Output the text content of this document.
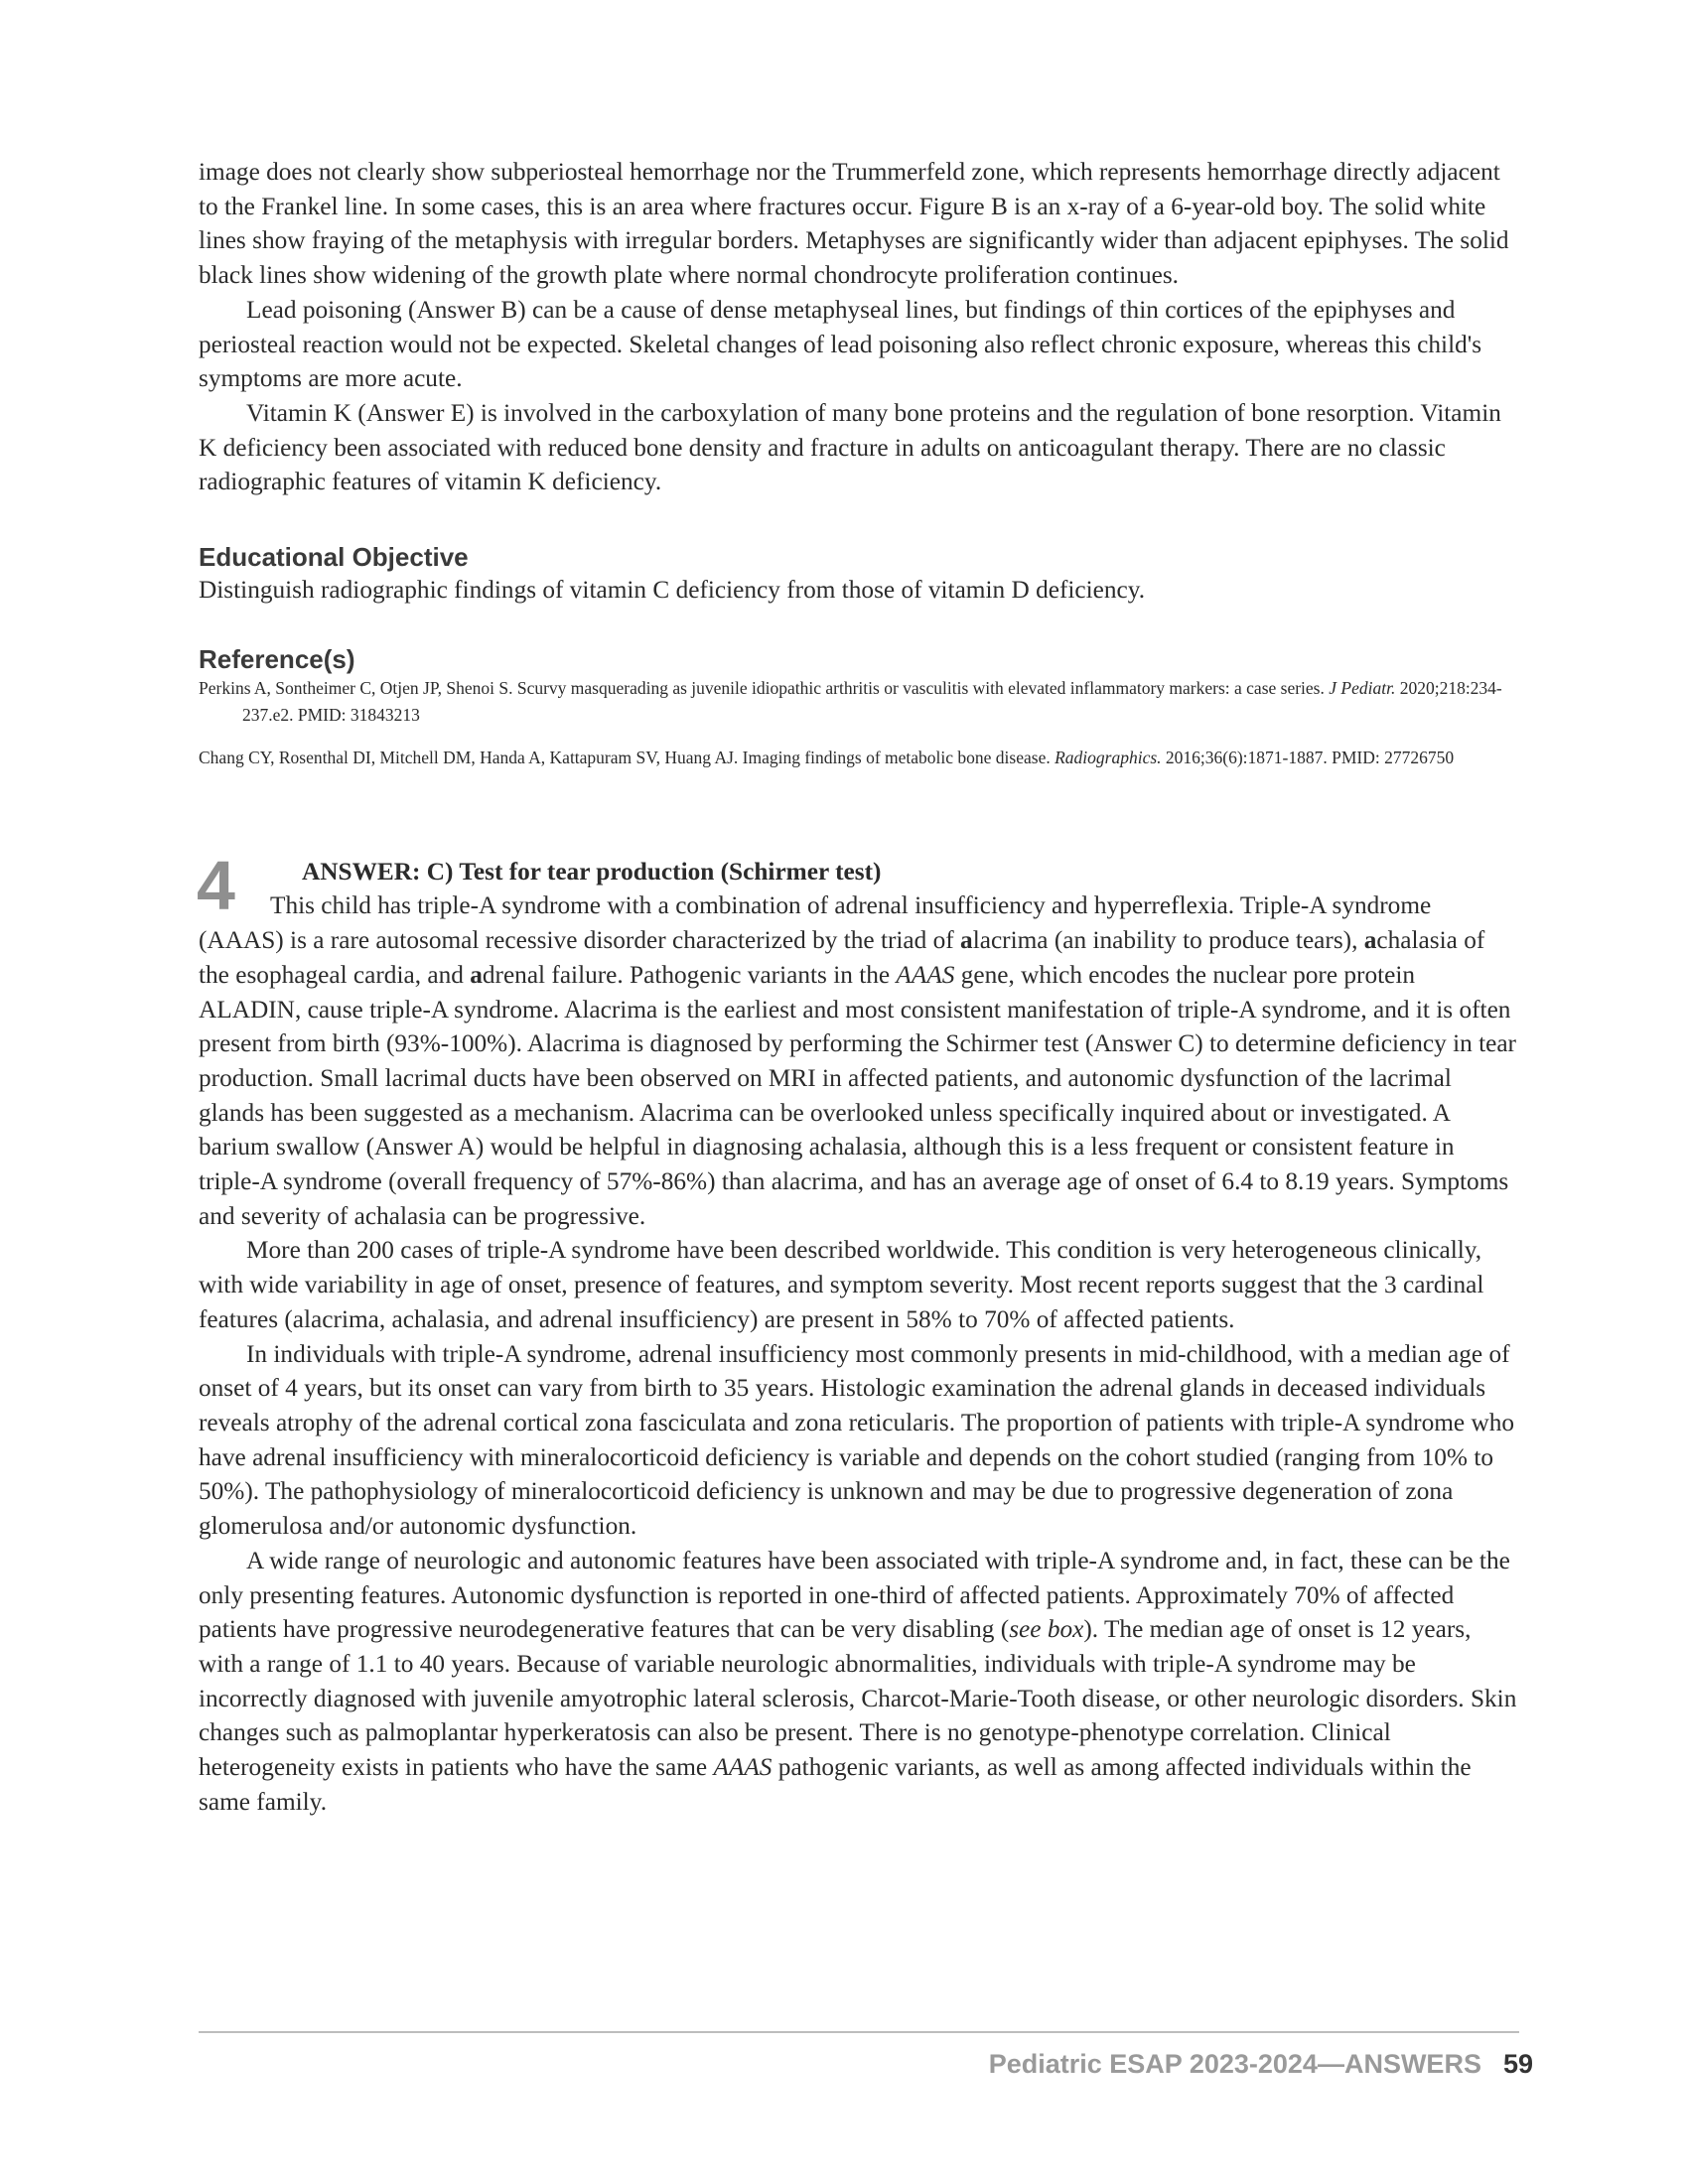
image does not clearly show subperiosteal hemorrhage nor the Trummerfeld zone, which represents hemorrhage directly adjacent to the Frankel line. In some cases, this is an area where fractures occur. Figure B is an x-ray of a 6-year-old boy. The solid white lines show fraying of the metaphysis with irregular borders. Metaphyses are significantly wider than adjacent epiphyses. The solid black lines show widening of the growth plate where normal chondrocyte proliferation continues.

Lead poisoning (Answer B) can be a cause of dense metaphyseal lines, but findings of thin cortices of the epiphyses and periosteal reaction would not be expected. Skeletal changes of lead poisoning also reflect chronic exposure, whereas this child's symptoms are more acute.

Vitamin K (Answer E) is involved in the carboxylation of many bone proteins and the regulation of bone resorption. Vitamin K deficiency been associated with reduced bone density and fracture in adults on anticoagulant therapy. There are no classic radiographic features of vitamin K deficiency.

Educational Objective

Distinguish radiographic findings of vitamin C deficiency from those of vitamin D deficiency.

Reference(s)

Perkins A, Sontheimer C, Otjen JP, Shenoi S. Scurvy masquerading as juvenile idiopathic arthritis or vasculitis with elevated inflammatory markers: a case series. J Pediatr. 2020;218:234-237.e2. PMID: 31843213

Chang CY, Rosenthal DI, Mitchell DM, Handa A, Kattapuram SV, Huang AJ. Imaging findings of metabolic bone disease. Radiographics. 2016;36(6):1871-1887. PMID: 27726750

4	ANSWER: C) Test for tear production (Schirmer test)

This child has triple-A syndrome with a combination of adrenal insufficiency and hyperreflexia. Triple-A syndrome (AAAS) is a rare autosomal recessive disorder characterized by the triad of alacrima (an inability to produce tears), achalasia of the esophageal cardia, and adrenal failure. Pathogenic variants in the AAAS gene, which encodes the nuclear pore protein ALADIN, cause triple-A syndrome. Alacrima is the earliest and most consistent manifestation of triple-A syndrome, and it is often present from birth (93%-100%). Alacrima is diagnosed by performing the Schirmer test (Answer C) to determine deficiency in tear production. Small lacrimal ducts have been observed on MRI in affected patients, and autonomic dysfunction of the lacrimal glands has been suggested as a mechanism. Alacrima can be overlooked unless specifically inquired about or investigated. A barium swallow (Answer A) would be helpful in diagnosing achalasia, although this is a less frequent or consistent feature in triple-A syndrome (overall frequency of 57%-86%) than alacrima, and has an average age of onset of 6.4 to 8.19 years. Symptoms and severity of achalasia can be progressive.

More than 200 cases of triple-A syndrome have been described worldwide. This condition is very heterogeneous clinically, with wide variability in age of onset, presence of features, and symptom severity. Most recent reports suggest that the 3 cardinal features (alacrima, achalasia, and adrenal insufficiency) are present in 58% to 70% of affected patients.

In individuals with triple-A syndrome, adrenal insufficiency most commonly presents in mid-childhood, with a median age of onset of 4 years, but its onset can vary from birth to 35 years. Histologic examination the adrenal glands in deceased individuals reveals atrophy of the adrenal cortical zona fasciculata and zona reticularis. The proportion of patients with triple-A syndrome who have adrenal insufficiency with mineralocorticoid deficiency is variable and depends on the cohort studied (ranging from 10% to 50%). The pathophysiology of mineralocorticoid deficiency is unknown and may be due to progressive degeneration of zona glomerulosa and/or autonomic dysfunction.

A wide range of neurologic and autonomic features have been associated with triple-A syndrome and, in fact, these can be the only presenting features. Autonomic dysfunction is reported in one-third of affected patients. Approximately 70% of affected patients have progressive neurodegenerative features that can be very disabling (see box). The median age of onset is 12 years, with a range of 1.1 to 40 years. Because of variable neurologic abnormalities, individuals with triple-A syndrome may be incorrectly diagnosed with juvenile amyotrophic lateral sclerosis, Charcot-Marie-Tooth disease, or other neurologic disorders. Skin changes such as palmoplantar hyperkeratosis can also be present. There is no genotype-phenotype correlation. Clinical heterogeneity exists in patients who have the same AAAS pathogenic variants, as well as among affected individuals within the same family.

Pediatric ESAP 2023-2024—ANSWERS 59
